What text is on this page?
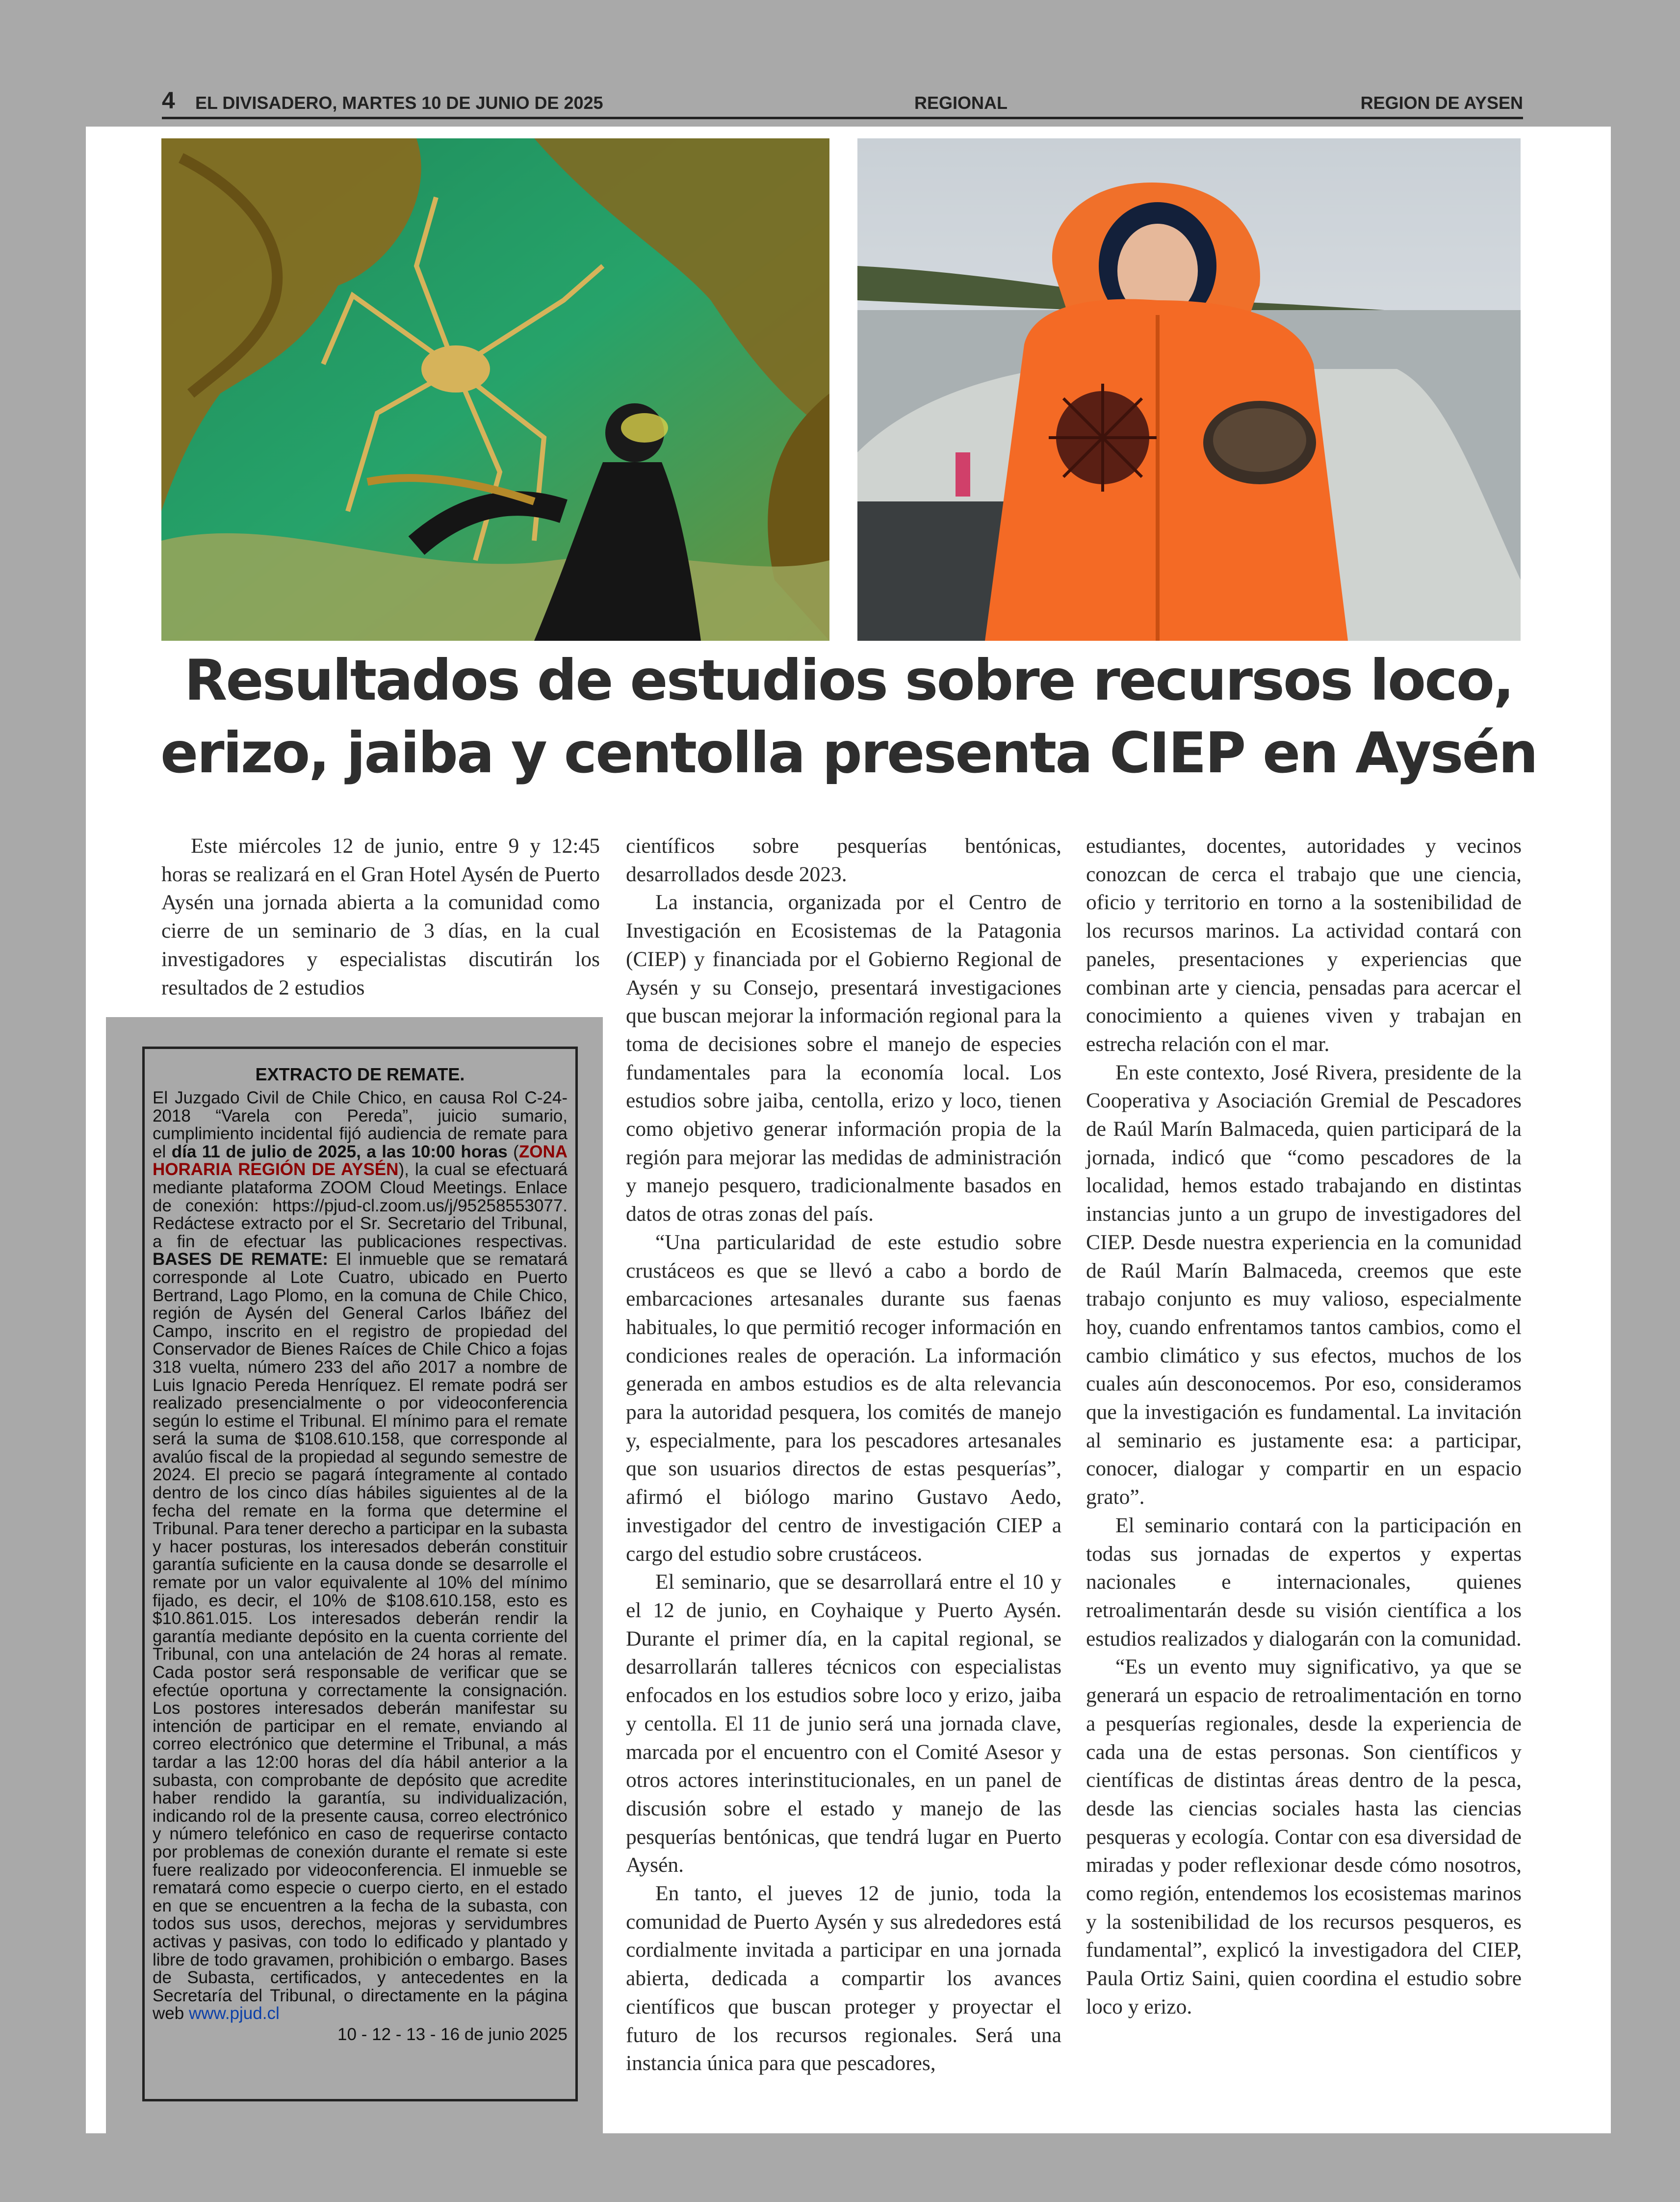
4 EL DIVISADERO, MARTES 10 DE JUNIO DE 2025	REGIONAL	REGION DE AYSEN
Resultados de estudios sobre recursos loco,
erizo, jaiba y centolla presenta CIEP en Aysén

Este miércoles 12 de junio, entre 9 y 12:45 horas se realizará en el Gran Hotel Aysén de Puerto Aysén una jornada abierta a la comunidad como cierre de un seminario de 3 días, en la cual investigadores y especialistas discutirán los resultados de 2 estudios

EXTRACTO DE REMATE.

El Juzgado Civil de Chile Chico, en causa Rol C-24-2018 “Varela con Pereda”, juicio sumario, cumplimiento incidental fijó audiencia de remate para el día 11 de julio de 2025, a las 10:00 horas (ZONA HORARIA REGIÓN DE AYSÉN), la cual se efectuará mediante plataforma ZOOM Cloud Meetings. Enlace de conexión: https://pjud-cl.zoom.us/j/95258553077. Redáctese extracto por el Sr. Secretario del Tribunal, a fin de efectuar las publicaciones respectivas. BASES DE REMATE: El inmueble que se rematará corresponde al Lote Cuatro, ubicado en Puerto Bertrand, Lago Plomo, en la comuna de Chile Chico, región de Aysén del General Carlos Ibáñez del Campo, inscrito en el registro de propiedad del Conservador de Bienes Raíces de Chile Chico a fojas 318 vuelta, número 233 del año 2017 a nombre de Luis Ignacio Pereda Henríquez. El remate podrá ser realizado presencialmente o por videoconferencia según lo estime el Tribunal. El mínimo para el remate será la suma de $108.610.158, que corresponde al avalúo fiscal de la propiedad al segundo semestre de 2024. El precio se pagará íntegramente al contado dentro de los cinco días hábiles siguientes al de la fecha del remate en la forma que determine el Tribunal. Para tener derecho a participar en la subasta y hacer posturas, los interesados deberán constituir garantía suficiente en la causa donde se desarrolle el remate por un valor equivalente al 10% del mínimo fijado, es decir, el 10% de $108.610.158, esto es $10.861.015. Los interesados deberán rendir la garantía mediante depósito en la cuenta corriente del Tribunal, con una antelación de 24 horas al remate. Cada postor será responsable de verificar que se efectúe oportuna y correctamente la consignación. Los postores interesados deberán manifestar su intención de participar en el remate, enviando al correo electrónico que determine el Tribunal, a más tardar a las 12:00 horas del día hábil anterior a la subasta, con comprobante de depósito que acredite haber rendido la garantía, su individualización, indicando rol de la presente causa, correo electrónico y número telefónico en caso de requerirse contacto por problemas de conexión durante el remate si este fuere realizado por videoconferencia. El inmueble se rematará como especie o cuerpo cierto, en el estado en que se encuentren a la fecha de la subasta, con todos sus usos, derechos, mejoras y servidumbres activas y pasivas, con todo lo edificado y plantado y libre de todo gravamen, prohibición o embargo. Bases de Subasta, certificados, y antecedentes en la Secretaría del Tribunal, o directamente en la página web www.pjud.cl

10 - 12 - 13 - 16 de junio 2025

científicos sobre pesquerías bentónicas, desarrollados desde 2023.

La instancia, organizada por el Centro de Investigación en Ecosistemas de la Patagonia (CIEP) y financiada por el Gobierno Regional de Aysén y su Consejo, presentará investigaciones que buscan mejorar la información regional para la toma de decisiones sobre el manejo de especies fundamentales para la economía local. Los estudios sobre jaiba, centolla, erizo y loco, tienen como objetivo generar información propia de la región para mejorar las medidas de administración y manejo pesquero, tradicionalmente basados en datos de otras zonas del país.

“Una particularidad de este estudio sobre crustáceos es que se llevó a cabo a bordo de embarcaciones artesanales durante sus faenas habituales, lo que permitió recoger información en condiciones reales de operación. La información generada en ambos estudios es de alta relevancia para la autoridad pesquera, los comités de manejo y, especialmente, para los pescadores artesanales que son usuarios directos de estas pesquerías”, afirmó el biólogo marino Gustavo Aedo, investigador del centro de investigación CIEP a cargo del estudio sobre crustáceos.

El seminario, que se desarrollará entre el 10 y el 12 de junio, en Coyhaique y Puerto Aysén. Durante el primer día, en la capital regional, se desarrollarán talleres técnicos con especialistas enfocados en los estudios sobre loco y erizo, jaiba y centolla. El 11 de junio será una jornada clave, marcada por el encuentro con el Comité Asesor y otros actores interinstitucionales, en un panel de discusión sobre el estado y manejo de las pesquerías bentónicas, que tendrá lugar en Puerto Aysén.

En tanto, el jueves 12 de junio, toda la comunidad de Puerto Aysén y sus alrededores está cordialmente invitada a participar en una jornada abierta, dedicada a compartir los avances científicos que buscan proteger y proyectar el futuro de los recursos regionales. Será una instancia única para que pescadores,

estudiantes, docentes, autoridades y vecinos conozcan de cerca el trabajo que une ciencia, oficio y territorio en torno a la sostenibilidad de los recursos marinos. La actividad contará con paneles, presentaciones y experiencias que combinan arte y ciencia, pensadas para acercar el conocimiento a quienes viven y trabajan en estrecha relación con el mar.

En este contexto, José Rivera, presidente de la Cooperativa y Asociación Gremial de Pescadores de Raúl Marín Balmaceda, quien participará de la jornada, indicó que “como pescadores de la localidad, hemos estado trabajando en distintas instancias junto a un grupo de investigadores del CIEP. Desde nuestra experiencia en la comunidad de Raúl Marín Balmaceda, creemos que este trabajo conjunto es muy valioso, especialmente hoy, cuando enfrentamos tantos cambios, como el cambio climático y sus efectos, muchos de los cuales aún desconocemos. Por eso, consideramos que la investigación es fundamental. La invitación al seminario es justamente esa: a participar, conocer, dialogar y compartir en un espacio grato”.

El seminario contará con la participación en todas sus jornadas de expertos y expertas nacionales e internacionales, quienes retroalimentarán desde su visión científica a los estudios realizados y dialogarán con la comunidad.

“Es un evento muy significativo, ya que se generará un espacio de retroalimentación en torno a pesquerías regionales, desde la experiencia de cada una de estas personas. Son científicos y científicas de distintas áreas dentro de la pesca, desde las ciencias sociales hasta las ciencias pesqueras y ecología. Contar con esa diversidad de miradas y poder reflexionar desde cómo nosotros, como región, entendemos los ecosistemas marinos y la sostenibilidad de los recursos pesqueros, es fundamental”, explicó la investigadora del CIEP, Paula Ortiz Saini, quien coordina el estudio sobre loco y erizo.
